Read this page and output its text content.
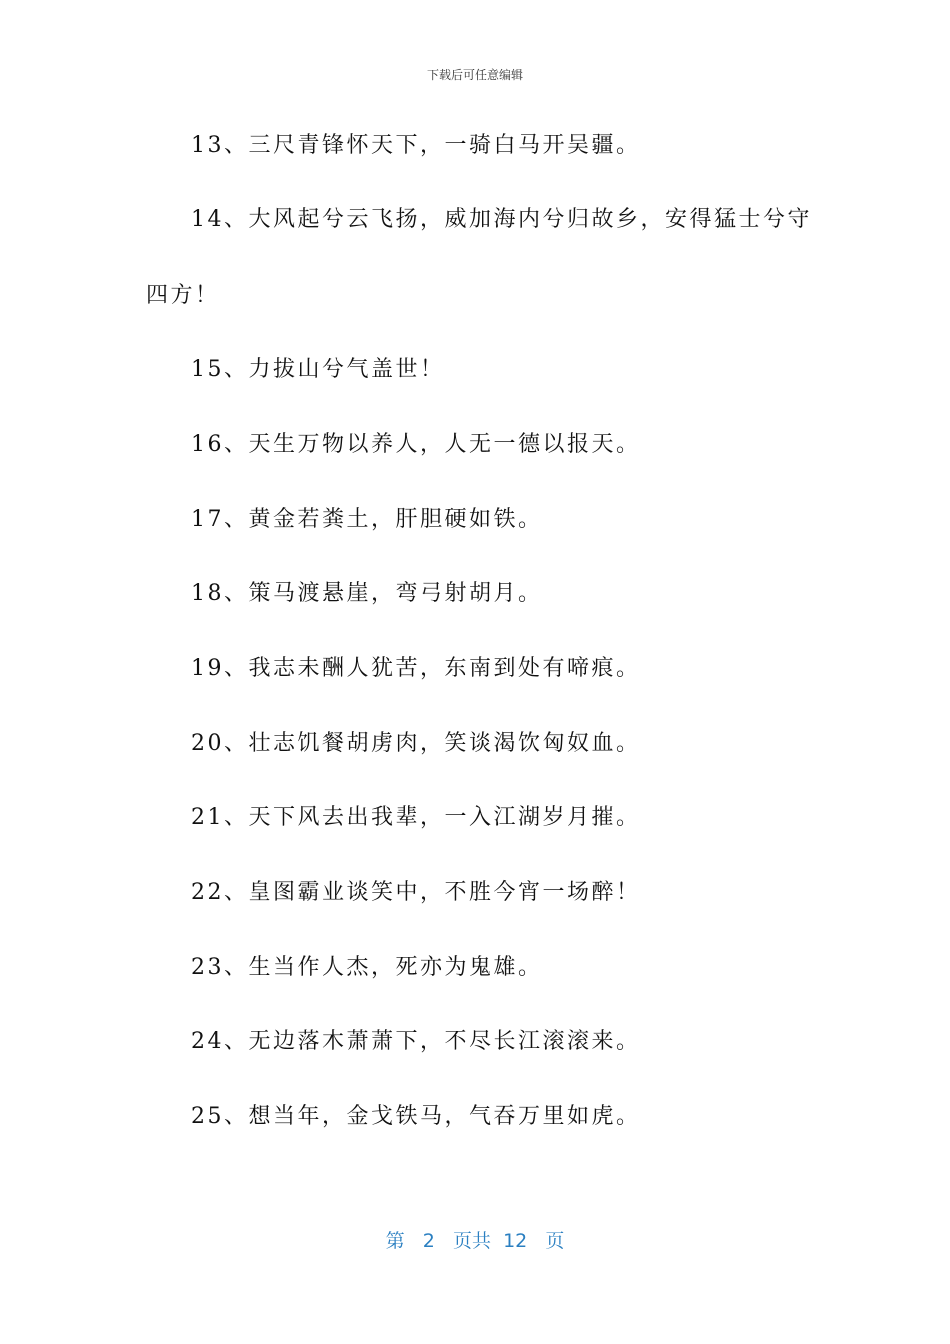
下载后可任意编辑
13、三尺青锋怀天下，一骑白马开吴疆。
14、大风起兮云飞扬，威加海内兮归故乡，安得猛士兮守
四方！
15、力拔山兮气盖世！
16、天生万物以养人，人无一德以报天。
17、黄金若粪土，肝胆硬如铁。
18、策马渡悬崖，弯弓射胡月。
19、我志未酬人犹苦，东南到处有啼痕。
20、壮志饥餐胡虏肉，笑谈渴饮匈奴血。
21、天下风去出我辈，一入江湖岁月摧。
22、皇图霸业谈笑中，不胜今宵一场醉！
23、生当作人杰，死亦为鬼雄。
24、无边落木萧萧下，不尽长江滚滚来。
25、想当年，金戈铁马，气吞万里如虎。
第 2 页共 12 页
